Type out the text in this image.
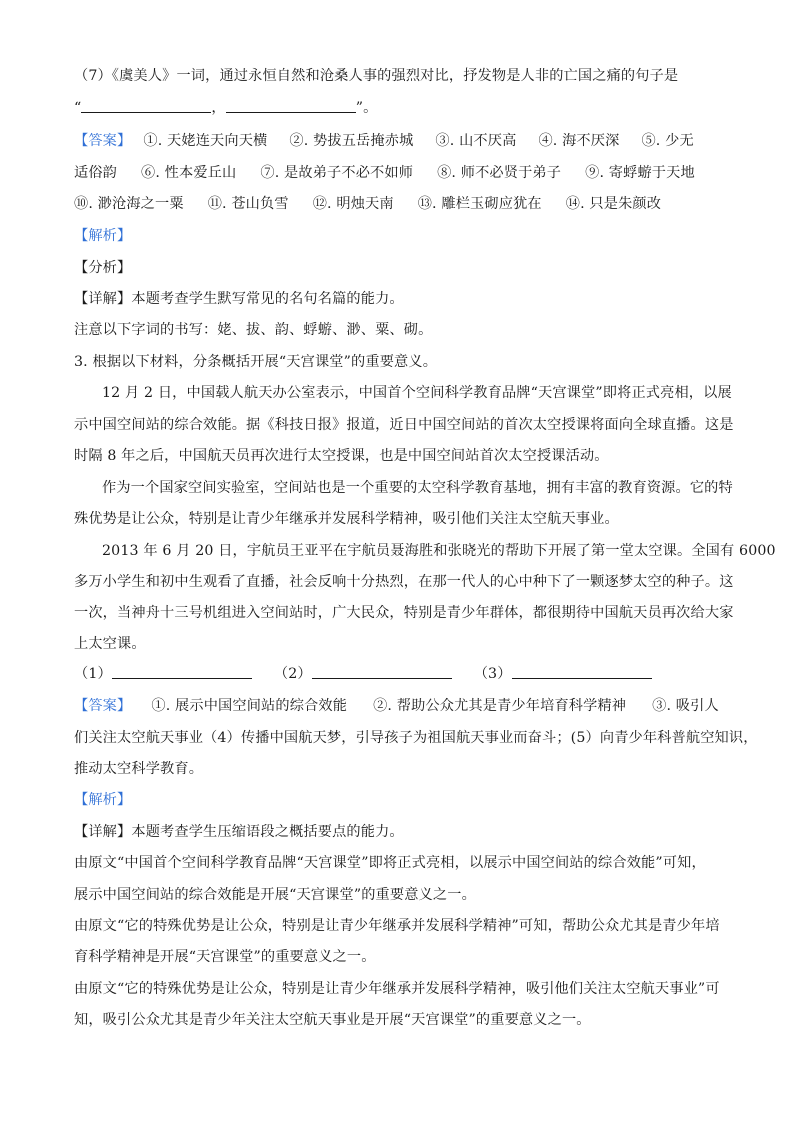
（7）《虞美人》一词，通过永恒自然和沧桑人事的强烈对比，抒发物是人非的亡国之痛的句子是
“	，	”。
【答案】 ①. 天姥连天向天横 ②. 势拔五岳掩赤城 ③. 山不厌高 ④. 海不厌深 ⑤. 少无
适俗韵 ⑥. 性本爱丘山 ⑦. 是故弟子不必不如师 ⑧. 师不必贤于弟子 ⑨. 寄蜉蝣于天地
⑩. 渺沧海之一粟 ⑪. 苍山负雪 ⑫. 明烛天南 ⑬. 雕栏玉砌应犹在 ⑭. 只是朱颜改
【解析】
【分析】
【详解】本题考查学生默写常见的名句名篇的能力。
注意以下字词的书写：姥、拔、韵、蜉蝣、渺、粟、砌。
3. 根据以下材料，分条概括开展“天宫课堂”的重要意义。
12 月 2 日，中国载人航天办公室表示，中国首个空间科学教育品牌“天宫课堂”即将正式亮相，以展
示中国空间站的综合效能。据《科技日报》报道，近日中国空间站的首次太空授课将面向全球直播。这是
时隔 8 年之后，中国航天员再次进行太空授课，也是中国空间站首次太空授课活动。
作为一个国家空间实验室，空间站也是一个重要的太空科学教育基地，拥有丰富的教育资源。它的特
殊优势是让公众，特别是让青少年继承并发展科学精神，吸引他们关注太空航天事业。
2013 年 6 月 20 日，宇航员王亚平在宇航员聂海胜和张晓光的帮助下开展了第一堂太空课。全国有 6000
多万小学生和初中生观看了直播，社会反响十分热烈，在那一代人的心中种下了一颗逐梦太空的种子。这
一次，当神舟十三号机组进入空间站时，广大民众，特别是青少年群体，都很期待中国航天员再次给大家
上太空课。
（1）	（2）	（3）
【答案】 ①. 展示中国空间站的综合效能 ②. 帮助公众尤其是青少年培育科学精神 ③. 吸引人
们关注太空航天事业（4）传播中国航天梦，引导孩子为祖国航天事业而奋斗；(5）向青少年科普航空知识，
推动太空科学教育。
【解析】
【详解】本题考查学生压缩语段之概括要点的能力。
由原文“中国首个空间科学教育品牌“天宫课堂”即将正式亮相，以展示中国空间站的综合效能”可知，
展示中国空间站的综合效能是开展“天宫课堂”的重要意义之一。
由原文“它的特殊优势是让公众，特别是让青少年继承并发展科学精神”可知，帮助公众尤其是青少年培
育科学精神是开展“天宫课堂”的重要意义之一。
由原文“它的特殊优势是让公众，特别是让青少年继承并发展科学精神，吸引他们关注太空航天事业”可
知，吸引公众尤其是青少年关注太空航天事业是开展“天宫课堂”的重要意义之一。
